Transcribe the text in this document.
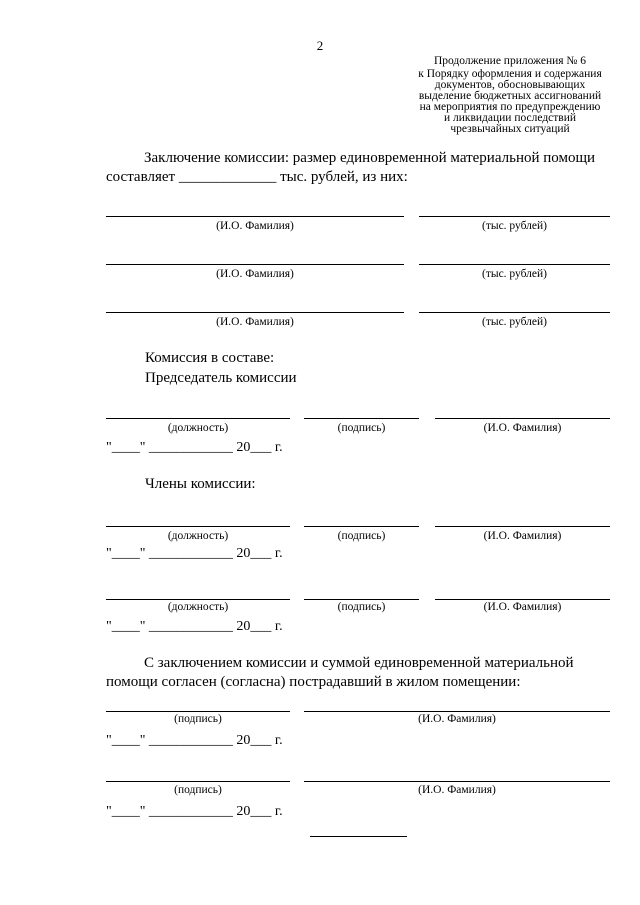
2
Продолжение приложения № 6
к Порядку оформления и содержания
документов, обосновывающих
выделение бюджетных ассигнований
на мероприятия по предупреждению
и ликвидации последствий
чрезвычайных ситуаций
Заключение комиссии: размер единовременной материальной помощи
составляет _____________ тыс. рублей, из них:
(И.О. Фамилия)	(тыс. рублей)
(И.О. Фамилия)	(тыс. рублей)
(И.О. Фамилия)	(тыс. рублей)
Комиссия в составе:
Председатель комиссии
(должность)	(подпись)	(И.О. Фамилия)
"____" ____________ 20___ г.
Члены комиссии:
(должность)	(подпись)	(И.О. Фамилия)
"____" ____________ 20___ г.
(должность)	(подпись)	(И.О. Фамилия)
"____" ____________ 20___ г.
С заключением комиссии и суммой единовременной материальной
помощи согласен (согласна) пострадавший в жилом помещении:
(подпись)	(И.О. Фамилия)
"____" ____________ 20___ г.
(подпись)	(И.О. Фамилия)
"____" ____________ 20___ г.
